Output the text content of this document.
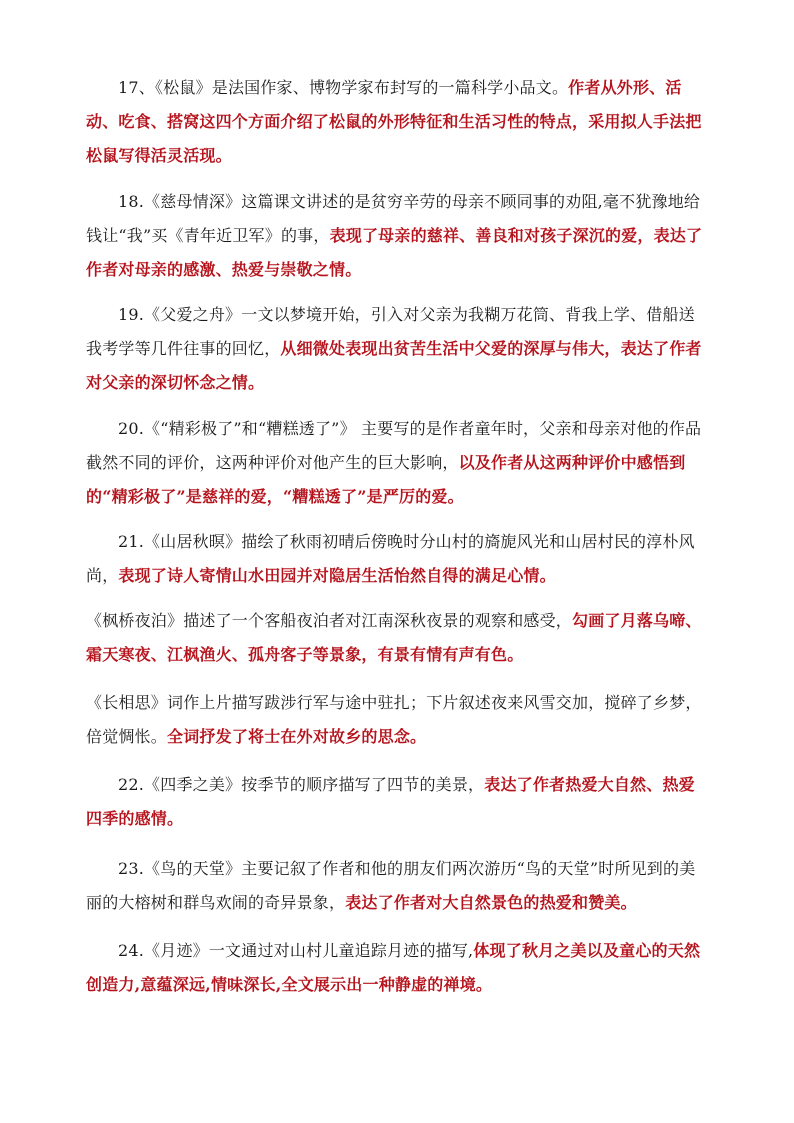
17、《松鼠》是法国作家、博物学家布封写的一篇科学小品文。作者从外形、活动、吃食、搭窝这四个方面介绍了松鼠的外形特征和生活习性的特点，采用拟人手法把松鼠写得活灵活现。
18.《慈母情深》这篇课文讲述的是贫穷辛劳的母亲不顾同事的劝阻,毫不犹豫地给钱让“我”买《青年近卫军》的事，表现了母亲的慈祥、善良和对孩子深沉的爱，表达了作者对母亲的感激、热爱与崇敬之情。
19.《父爱之舟》一文以梦境开始，引入对父亲为我糊万花筒、背我上学、借船送我考学等几件往事的回忆，从细微处表现出贫苦生活中父爱的深厚与伟大，表达了作者对父亲的深切怀念之情。
20.《“精彩极了”和“糟糕透了”》 主要写的是作者童年时，父亲和母亲对他的作品截然不同的评价，这两种评价对他产生的巨大影响，以及作者从这两种评价中感悟到的“精彩极了”是慈祥的爱，“糟糕透了”是严厉的爱。
21.《山居秋暝》描绘了秋雨初晴后傍晚时分山村的旖旎风光和山居村民的淳朴风尚，表现了诗人寄情山水田园并对隐居生活怡然自得的满足心情。
《枫桥夜泊》描述了一个客船夜泊者对江南深秋夜景的观察和感受，勾画了月落乌啼、霜天寒夜、江枫渔火、孤舟客子等景象，有景有情有声有色。
《长相思》词作上片描写跋涉行军与途中驻扎；下片叙述夜来风雪交加，搅碎了乡梦，倍觉惆怅。全词抒发了将士在外对故乡的思念。
22.《四季之美》按季节的顺序描写了四节的美景，表达了作者热爱大自然、热爱四季的感情。
23.《鸟的天堂》主要记叙了作者和他的朋友们两次游历“鸟的天堂”时所见到的美丽的大榕树和群鸟欢闹的奇异景象，表达了作者对大自然景色的热爱和赞美。
24.《月迹》一文通过对山村儿童追踪月迹的描写,体现了秋月之美以及童心的天然创造力,意蕴深远,情味深长,全文展示出一种静虚的禅境。
